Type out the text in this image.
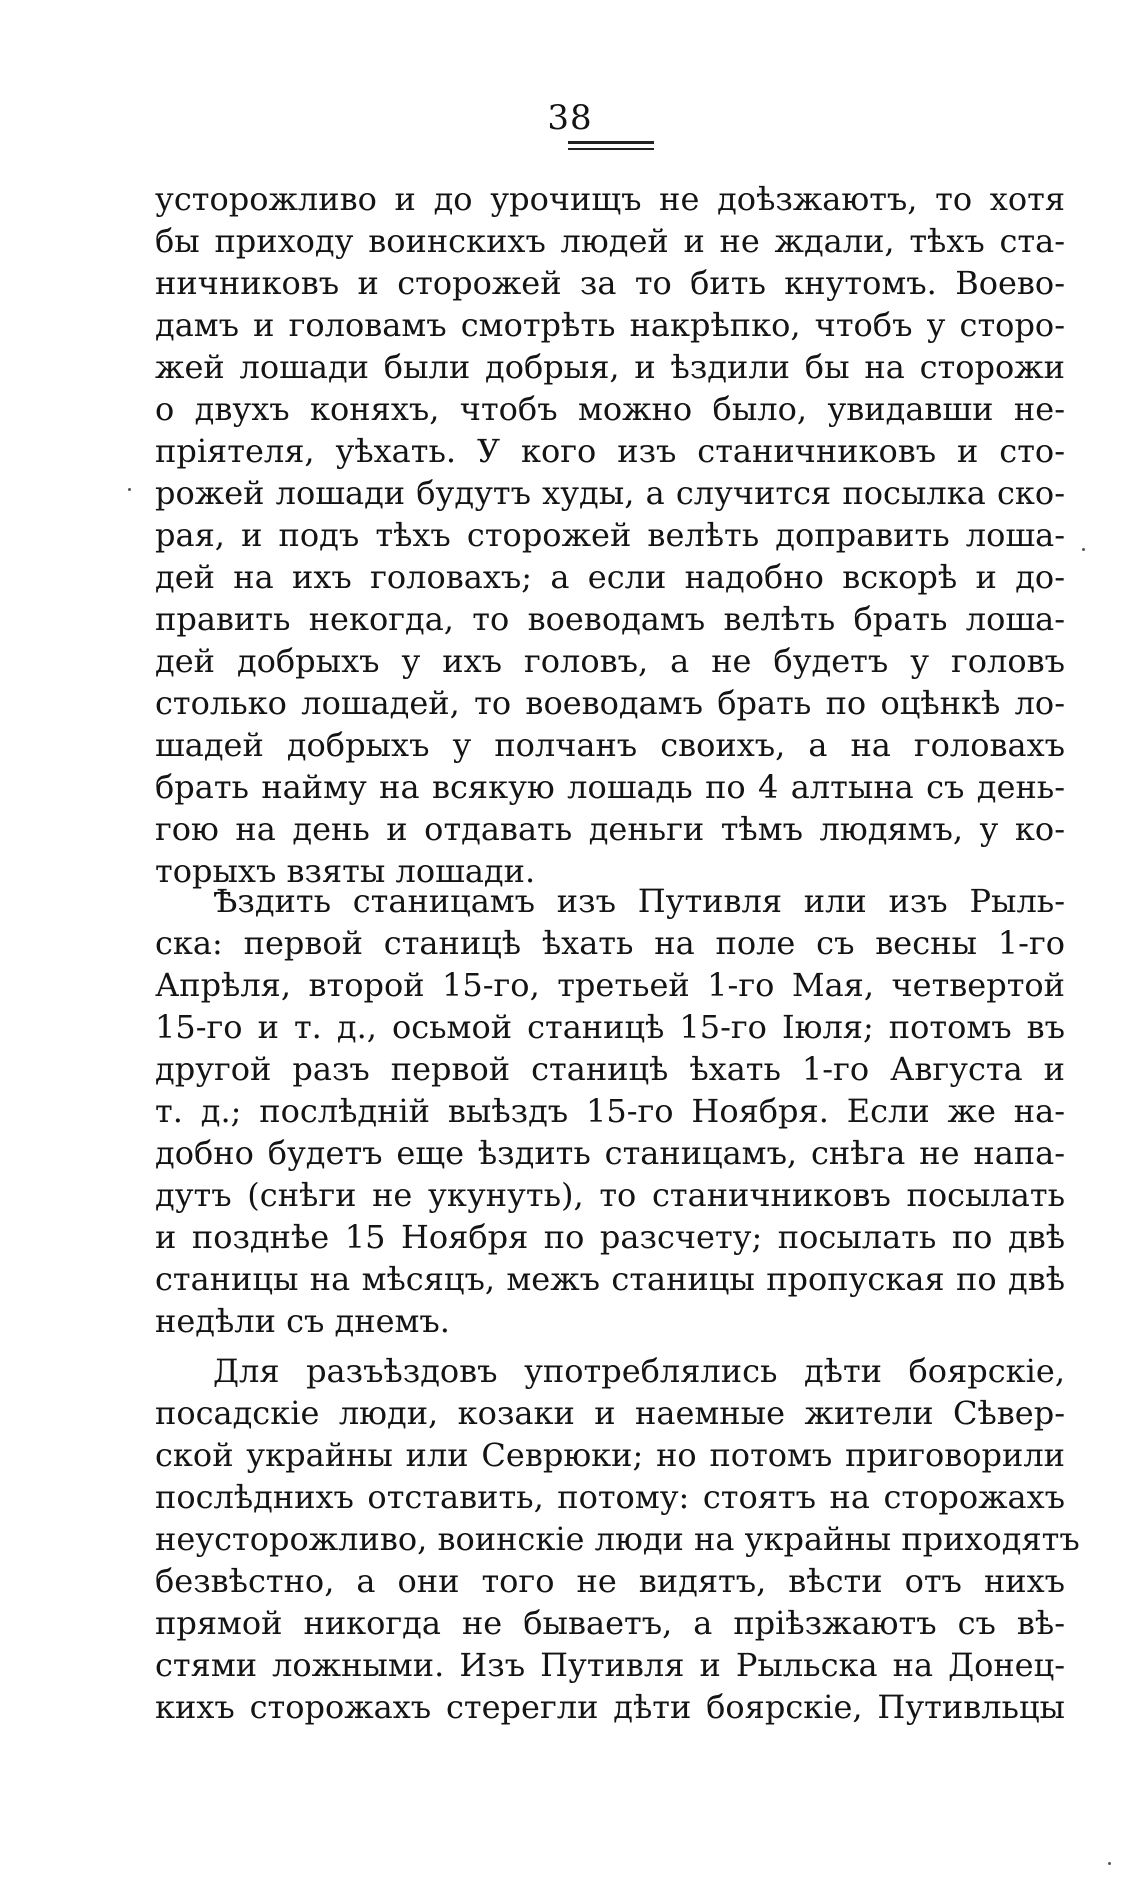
38
усторожливо и до урочищъ не доѣзжаютъ, то хотя
бы приходу воинскихъ людей и не ждали, тѣхъ ста-
ничниковъ и сторожей за то бить кнутомъ. Воево-
дамъ и головамъ смотрѣть накрѣпко, чтобъ у сторо-
жей лошади были добрыя, и ѣздили бы на сторожи
о двухъ коняхъ, чтобъ можно было, увидавши не-
пріятеля, уѣхать. У кого изъ станичниковъ и сто-
рожей лошади будутъ худы, а случится посылка ско-
рая, и подъ тѣхъ сторожей велѣть доправить лоша-
дей на ихъ головахъ; а если надобно вскорѣ и до-
править некогда, то воеводамъ велѣть брать лоша-
дей добрыхъ у ихъ головъ, а не будетъ у головъ
столько лошадей, то воеводамъ брать по оцѣнкѣ ло-
шадей добрыхъ у полчанъ своихъ, а на головахъ
брать найму на всякую лошадь по 4 алтына съ день-
гою на день и отдавать деньги тѣмъ людямъ, у ко-
торыхъ взяты лошади.
Ѣздить станицамъ изъ Путивля или изъ Рыль-
ска: первой станицѣ ѣхать на поле съ весны 1-го
Апрѣля, второй 15-го, третьей 1-го Мая, четвертой
15-го и т. д., осьмой станицѣ 15-го Іюля; потомъ въ
другой разъ первой станицѣ ѣхать 1-го Августа и
т. д.; послѣдній выѣздъ 15-го Ноября. Если же на-
добно будетъ еще ѣздить станицамъ, снѣга не напа-
дутъ (снѣги не укунуть), то станичниковъ посылать
и позднѣе 15 Ноября по разсчету; посылать по двѣ
станицы на мѣсяцъ, межъ станицы пропуская по двѣ
недѣли съ днемъ.
Для разъѣздовъ употреблялись дѣти боярскіе,
посадскіе люди, козаки и наемные жители Сѣвер-
ской украйны или Севрюки; но потомъ приговорили
послѣднихъ отставить, потому: стоятъ на сторожахъ
неусторожливо, воинскіе люди на украйны приходятъ
безвѣстно, а они того не видятъ, вѣсти отъ нихъ
прямой никогда не бываетъ, а пріѣзжаютъ съ вѣ-
стями ложными. Изъ Путивля и Рыльска на Донец-
кихъ сторожахъ стерегли дѣти боярскіе, Путивльцы
